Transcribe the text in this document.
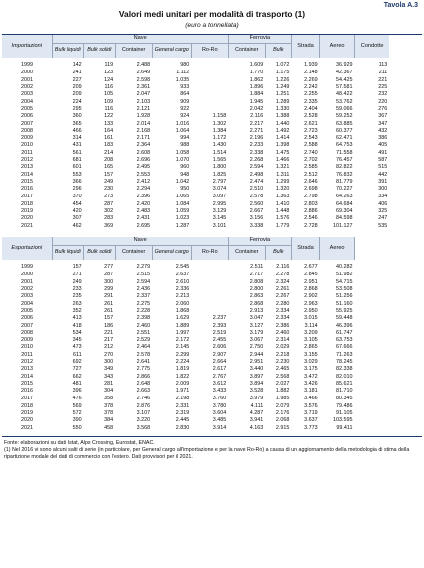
Tavola A.3
Valori medi unitari per modalità di trasporto (1)
(euro a tonnellata)
Importazioni	Nave					Ferrovia		Strada	Aereo	Condotte	
	Bulk liquidi	Bulk solidi	Container	General cargo	Ro-Ro	Container	Bulk				
1999	142	119	2.488	980		1.609	1.072	1.939	36.929	113	
2000	241	123	2.649	1.112		1.770	1.175	2.148	42.367	211	
2001	227	124	2.598	1.035		1.862	1.226	2.269	54.425	221	
2002	209	116	2.361	933		1.896	1.249	2.242	57.581	225	
2003	209	105	2.047	864		1.884	1.251	2.255	48.422	232	
2004	224	109	2.103	909		1.945	1.289	2.335	53.762	220	
2005	295	116	2.121	922		2.042	1.330	2.404	59.066	276	
2006	360	122	1.928	924	1.158	2.116	1.388	2.528	59.252	367	
2007	365	133	2.014	1.016	1.302	2.217	1.440	2.621	63.885	347	
2008	466	164	2.168	1.064	1.384	2.271	1.492	2.723	60.377	432	
2009	314	161	2.171	994	1.172	2.196	1.414	2.543	62.471	386	
2010	431	183	2.364	988	1.430	2.233	1.398	2.588	64.753	405	
2011	561	214	2.608	1.058	1.514	2.338	1.475	2.740	71.558	491	
2012	681	208	2.696	1.070	1.565	2.268	1.466	2.702	76.457	587	
2013	601	165	2.495	960	1.800	2.594	1.321	2.585	82.822	515	
2014	553	157	2.553	948	1.825	2.498	1.311	2.512	76.832	442	
2015	366	249	2.412	1.042	2.797	2.474	1.299	2.646	81.779	391	
2016	296	230	2.294	950	3.074	2.510	1.320	2.698	70.227	300	
2017	370	273	2.396	1.065	3.097	2.578	1.363	2.798	64.263	334	
2018	454	287	2.420	1.084	2.995	2.560	1.410	2.803	64.684	406	
2019	420	302	2.483	1.059	3.129	2.667	1.448	2.886	69.304	325	
2020	307	283	2.431	1.023	3.145	3.156	1.576	2.546	84.598	247	
2021	462	369	2.695	1.287	3.101	3.338	1.779	2.728	101.127	535	
Esportazioni	Nave					Ferrovia		Strada	Aereo		
	Bulk liquidi	Bulk solidi	Container	General cargo	Ro-Ro	Container	Bulk				
1999	157	277	2.279	2.545		2.511	2.116	2.677	40.282		
2000	271	287	2.515	2.637		2.717	2.278	2.845	51.982		
2001	249	300	2.594	2.610		2.808	2.324	2.951	54.715		
2002	233	299	2.436	2.336		2.800	2.261	2.868	53.508		
2003	235	291	2.337	2.213		2.863	2.267	2.902	51.256		
2004	263	261	2.275	2.060		2.868	2.280	2.963	51.160		
2005	352	261	2.228	1.868		2.913	2.334	2.950	55.925		
2006	413	157	2.398	1.629	2.237	3.047	2.334	3.015	59.448		
2007	418	186	2.460	1.889	2.393	3.127	2.386	3.114	46.396		
2008	534	221	2.551	1.997	2.519	3.179	2.460	3.209	61.747		
2009	345	217	2.529	2.172	2.455	3.067	2.314	3.105	63.753		
2010	473	212	2.464	2.145	2.606	2.750	2.029	2.865	67.666		
2011	611	270	2.578	2.299	2.907	2.944	2.218	3.155	71.263		
2012	692	300	2.641	2.224	2.664	2.951	2.230	3.029	78.245		
2013	727	349	2.775	1.819	2.617	3.440	2.465	3.175	82.338		
2014	662	343	2.866	1.822	2.767	3.897	2.568	3.472	82.010		
2015	481	281	2.648	2.009	3.612	3.894	2.027	3.426	85.621		
2016	396	304	2.663	1.971	3.433	3.528	1.882	3.181	81.710		
2017	476	358	2.746	2.198	3.760	3.979	1.985	3.466	80.345		
2018	569	378	2.876	2.331	3.780	4.111	2.079	3.576	79.486		
2019	572	378	3.107	2.319	3.604	4.287	2.176	3.719	91.105		
2020	390	384	3.220	2.445	3.485	3.941	2.068	3.637	103.595		
2021	550	458	3.568	2.830	3.914	4.163	2.915	3.773	99.411		
Fonte: elaborazioni su dati Istat, Alps Crossing, Eurostat, ENAC.
(1) Nel 2016 vi sono alcuni salti di serie (in particolare, per General cargo all'importazione e per la nave Ro-Ro) a causa di un aggiornamento della metodologia di stima della ripartizione modale del dati di commercio con l'estero. Dati provvisori per il 2021.
